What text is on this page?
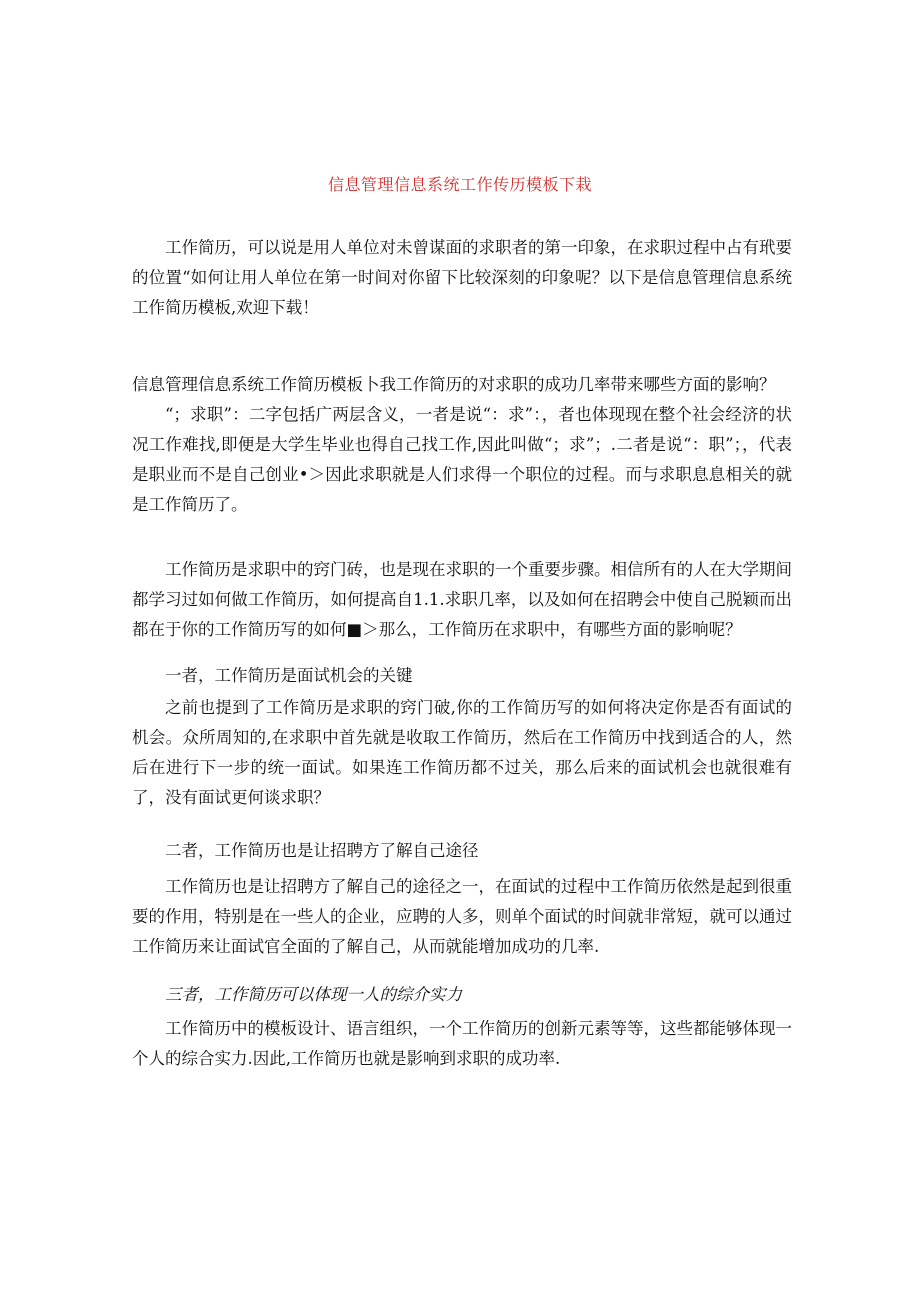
信息管理信息系统工作传历模板下栽

工作简历，可以说是用人单位对未曾谋面的求职者的第一印象，在求职过程中占有玳要的位置“如何让用人单位在第一时间对你留下比较深刻的印象呢？以下是信息管理信息系统工作简历模板,欢迎下载！

信息管理信息系统工作简历模板卜我工作简历的对求职的成功几率带来哪些方面的影响？

“；求职”：二字包括广两层含义，一者是说“：求”：，者也体现现在整个社会经济的状况工作难找,即便是大学生毕业也得自己找工作,因此叫做“；求”；.二者是说“：职”；，代表是职业而不是自己创业•＞因此求职就是人们求得一个职位的过程。而与求职息息相关的就是工作简历了。

工作简历是求职中的窍门砖，也是现在求职的一个重要步骤。相信所有的人在大学期间都学习过如何做工作简历，如何提高自1.1.求职几率，以及如何在招聘会中使自己脱颖而出都在于你的工作简历写的如何■＞那么，工作简历在求职中，有哪些方面的影响呢？

一者，工作简历是面试机会的关键

之前也提到了工作简历是求职的窍门破,你的工作简历写的如何将决定你是否有面试的机会。众所周知的,在求职中首先就是收取工作简历，然后在工作简历中找到适合的人，然后在进行下一步的统一面试。如果连工作简历都不过关，那么后来的面试机会也就很难有了，没有面试更何谈求职？

二者，工作简历也是让招聘方了解自己途径

工作简历也是让招聘方了解自己的途径之一，在面试的过程中工作简历依然是起到很重要的作用，特别是在一些人的企业，应聘的人多，则单个面试的时间就非常短，就可以通过工作简历来让面试官全面的了解自己，从而就能增加成功的几率.

三者，工作简历可以体现一人的综介实力

工作简历中的模板设计、语言组织，一个工作简历的创新元素等等，这些都能够体现一个人的综合实力.因此,工作简历也就是影响到求职的成功率.
